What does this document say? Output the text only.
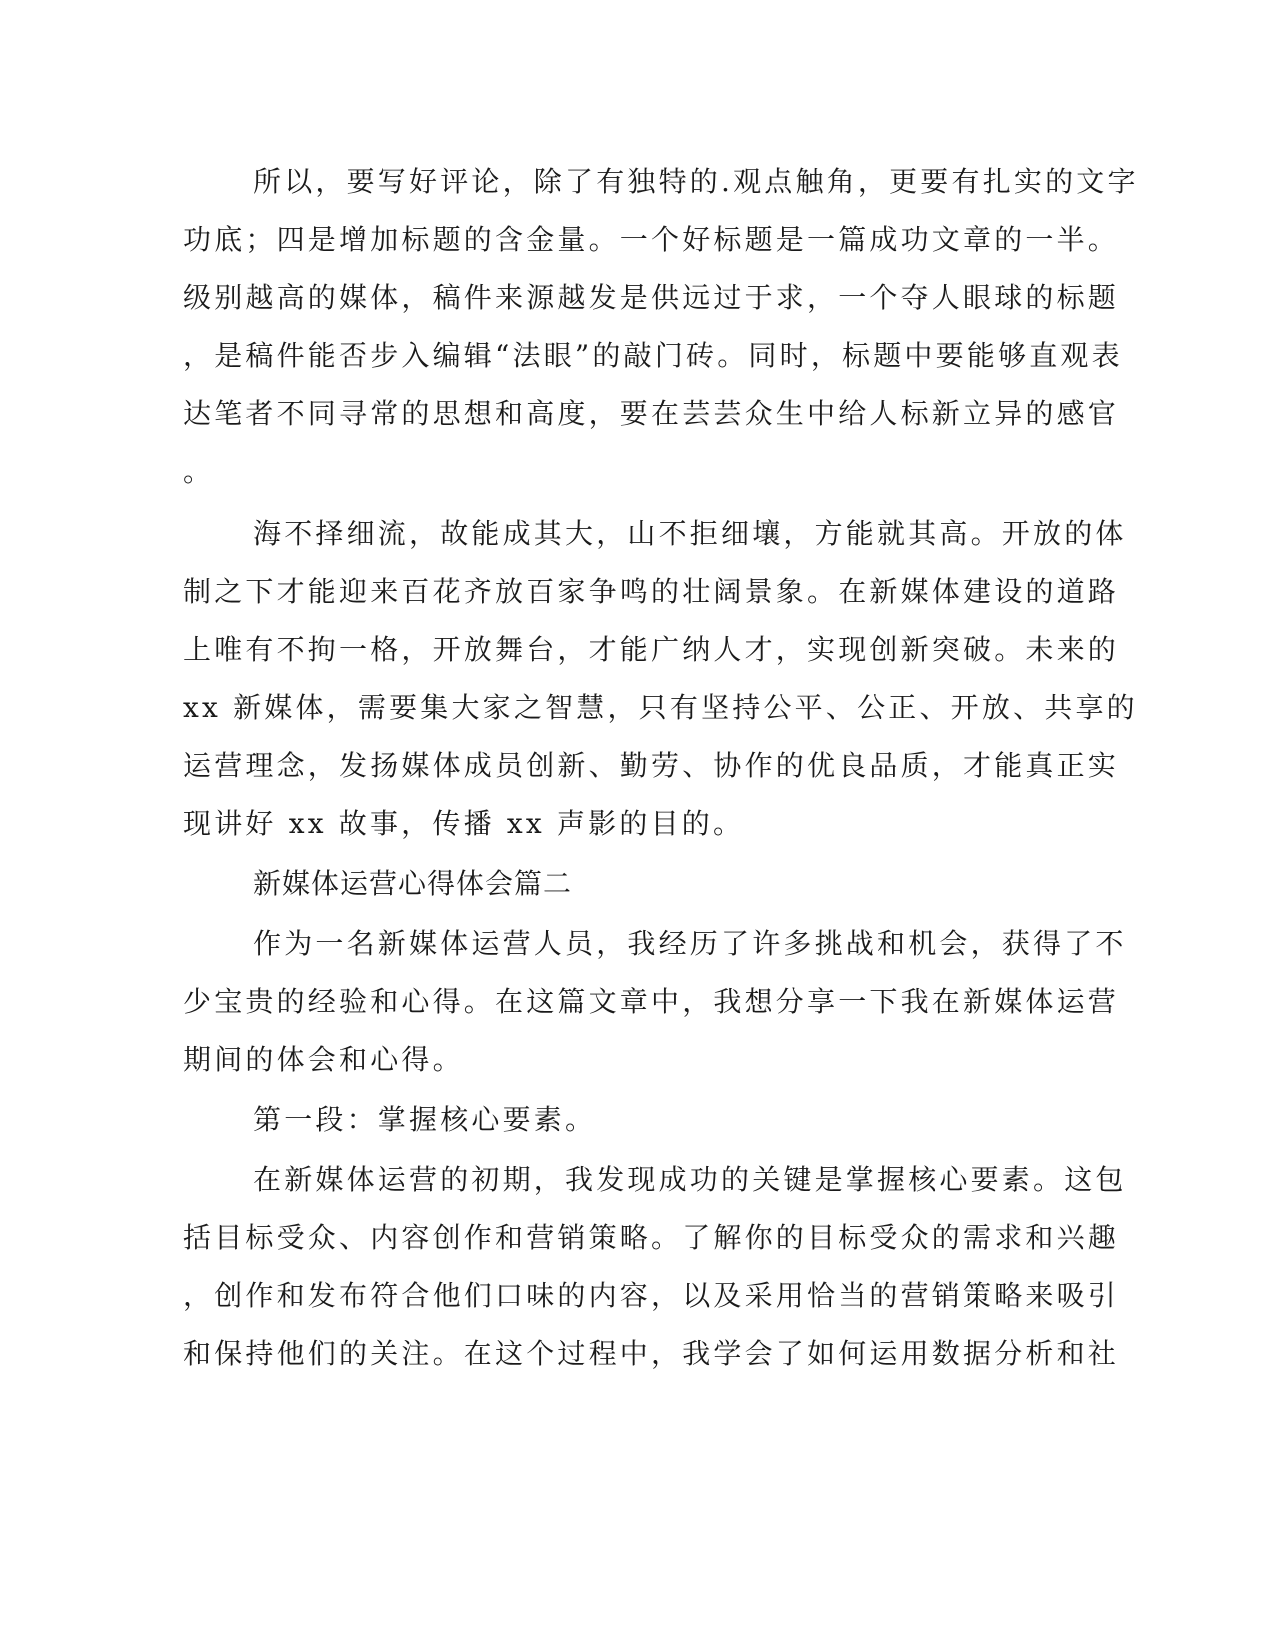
所以，要写好评论，除了有独特的.观点触角，更要有扎实的文字
功底；四是增加标题的含金量。一个好标题是一篇成功文章的一半。
级别越高的媒体，稿件来源越发是供远过于求，一个夺人眼球的标题
，是稿件能否步入编辑“法眼”的敲门砖。同时，标题中要能够直观表
达笔者不同寻常的思想和高度，要在芸芸众生中给人标新立异的感官
。
海不择细流，故能成其大，山不拒细壤，方能就其高。开放的体
制之下才能迎来百花齐放百家争鸣的壮阔景象。在新媒体建设的道路
上唯有不拘一格，开放舞台，才能广纳人才，实现创新突破。未来的
xx 新媒体，需要集大家之智慧，只有坚持公平、公正、开放、共享的
运营理念，发扬媒体成员创新、勤劳、协作的优良品质，才能真正实
现讲好 xx 故事，传播 xx 声影的目的。
新媒体运营心得体会篇二
作为一名新媒体运营人员，我经历了许多挑战和机会，获得了不
少宝贵的经验和心得。在这篇文章中，我想分享一下我在新媒体运营
期间的体会和心得。
第一段：掌握核心要素。
在新媒体运营的初期，我发现成功的关键是掌握核心要素。这包
括目标受众、内容创作和营销策略。了解你的目标受众的需求和兴趣
，创作和发布符合他们口味的内容，以及采用恰当的营销策略来吸引
和保持他们的关注。在这个过程中，我学会了如何运用数据分析和社
